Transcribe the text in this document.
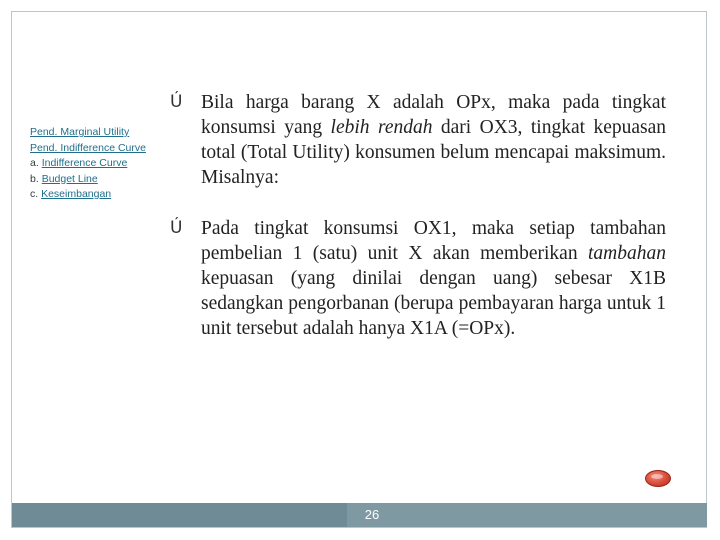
Pend. Marginal Utility
Pend. Indifference Curve
a. Indifference Curve
b. Budget Line
c. Keseimbangan
Ú Bila harga barang X adalah OPx, maka pada tingkat konsumsi yang lebih rendah dari OX3, tingkat kepuasan total (Total Utility) konsumen belum mencapai maksimum. Misalnya:
Ú Pada tingkat konsumsi OX1, maka setiap tambahan pembelian 1 (satu) unit X akan memberikan tambahan kepuasan (yang dinilai dengan uang) sebesar X1B sedangkan pengorbanan (berupa pembayaran harga untuk 1 unit tersebut adalah hanya X1A (=OPx).
26
